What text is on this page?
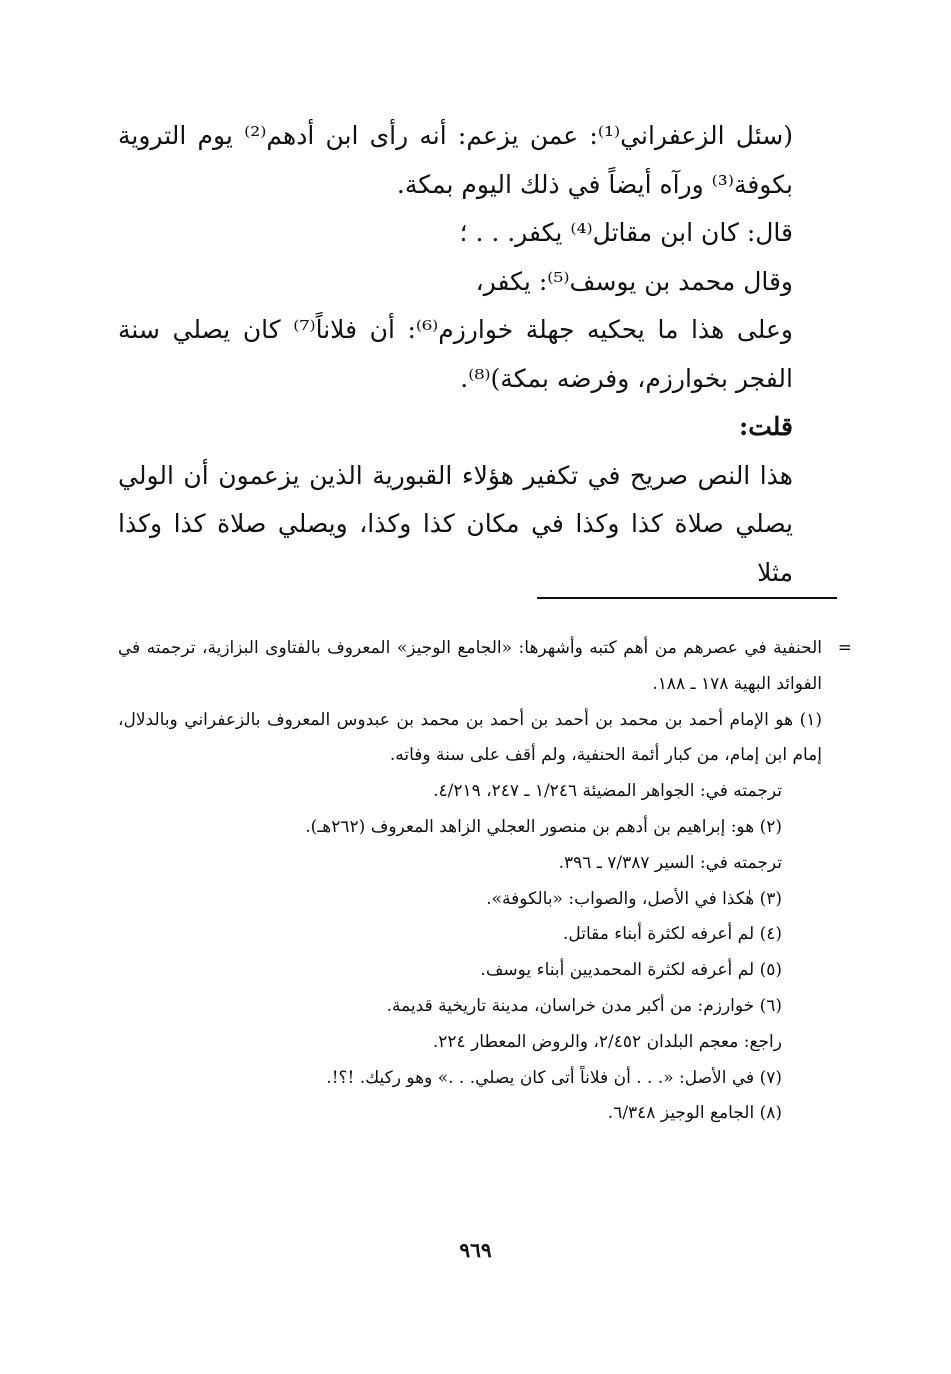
(سئل الزعفراني⁽¹⁾: عمن يزعم: أنه رأى ابن أدهم⁽²⁾ يوم التروية بكوفة⁽³⁾ ورآه أيضاً في ذلك اليوم بمكة.

قال: كان ابن مقاتل⁽⁴⁾ يكفر. . . ؛

وقال محمد بن يوسف⁽⁵⁾: يكفر،

وعلى هذا ما يحكيه جهلة خوارزم⁽⁶⁾: أن فلاناً⁽⁷⁾ كان يصلي سنة الفجر بخوارزم، وفرضه بمكة)⁽⁸⁾.

قلت:

هذا النص صريح في تكفير هؤلاء القبورية الذين يزعمون أن الولي يصلي صلاة كذا وكذا في مكان كذا وكذا، ويصلي صلاة كذا وكذا مثلا

=
الحنفية في عصرهم من أهم كتبه وأشهرها: «الجامع الوجيز» المعروف بالفتاوى البزازية، ترجمته في الفوائد البهية ١٧٨ ـ ١٨٨.

(١) هو الإمام أحمد بن محمد بن أحمد بن أحمد بن محمد بن عبدوس المعروف بالزعفراني وبالدلال، إمام ابن إمام، من كبار أئمة الحنفية، ولم أقف على سنة وفاته.

ترجمته في: الجواهر المضيئة ١/٢٤٦ ـ ٢٤٧، ٤/٢١٩.

(٢) هو: إبراهيم بن أدهم بن منصور العجلي الزاهد المعروف (٢٦٢هـ).

ترجمته في: السير ٧/٣٨٧ ـ ٣٩٦.

(٣) هٰكذا في الأصل، والصواب: «بالكوفة».

(٤) لم أعرفه لكثرة أبناء مقاتل.

(٥) لم أعرفه لكثرة المحمديين أبناء يوسف.

(٦) خوارزم: من أكبر مدن خراسان، مدينة تاريخية قديمة.

راجع: معجم البلدان ٢/٤٥٢، والروض المعطار ٢٢٤.

(٧) في الأصل: «. . . أن فلاناً أتى كان يصلي. . .» وهو ركيك. !؟!.

(٨) الجامع الوجيز ٦/٣٤٨.

٩٦٩
